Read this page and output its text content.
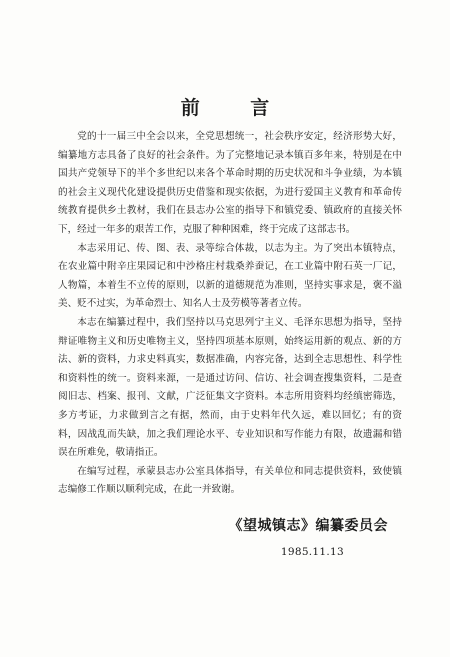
前 言

党的十一届三中全会以来，全党思想统一，社会秩序安定，经济形势大好，编纂地方志具备了良好的社会条件。为了完整地记录本镇百多年来，特别是在中国共产党领导下的半个多世纪以来各个革命时期的历史状况和斗争业绩，为本镇的社会主义现代化建设提供历史借鉴和现实依据，为进行爱国主义教育和革命传统教育提供乡土教材，我们在县志办公室的指导下和镇党委、镇政府的直接关怀下，经过一年多的艰苦工作，克服了种种困难，终于完成了这部志书。

本志采用记、传、图、表、录等综合体裁，以志为主。为了突出本镇特点，在农业篇中附辛庄果园记和中沙格庄村栽桑养蚕记，在工业篇中附石英一厂记，人物篇，本着生不立传的原则，以新的道德规范为准则，坚持实事求是，褒不溢美、贬不过实，为革命烈士、知名人士及劳模等著者立传。

本志在编纂过程中，我们坚持以马克思列宁主义、毛泽东思想为指导，坚持辩证唯物主义和历史唯物主义，坚持四项基本原则，始终运用新的观点、新的方法、新的资料，力求史料真实，数据准确，内容完备，达到全志思想性、科学性和资料性的统一。资料来源，一是通过访问、信访、社会调查搜集资料，二是查阅旧志、档案、报刊、文献，广泛征集文字资料。本志所用资料均经缜密筛选，多方考证，力求做到言之有据，然而，由于史料年代久远，难以回忆；有的资料，因战乱而失缺，加之我们理论水平、专业知识和写作能力有限，故遗漏和错误在所难免，敬请指正。

在编写过程，承蒙县志办公室具体指导，有关单位和同志提供资料，致使镇志编修工作顺以顺利完成，在此一并致谢。

《望城镇志》编纂委员会
1985.11.13
